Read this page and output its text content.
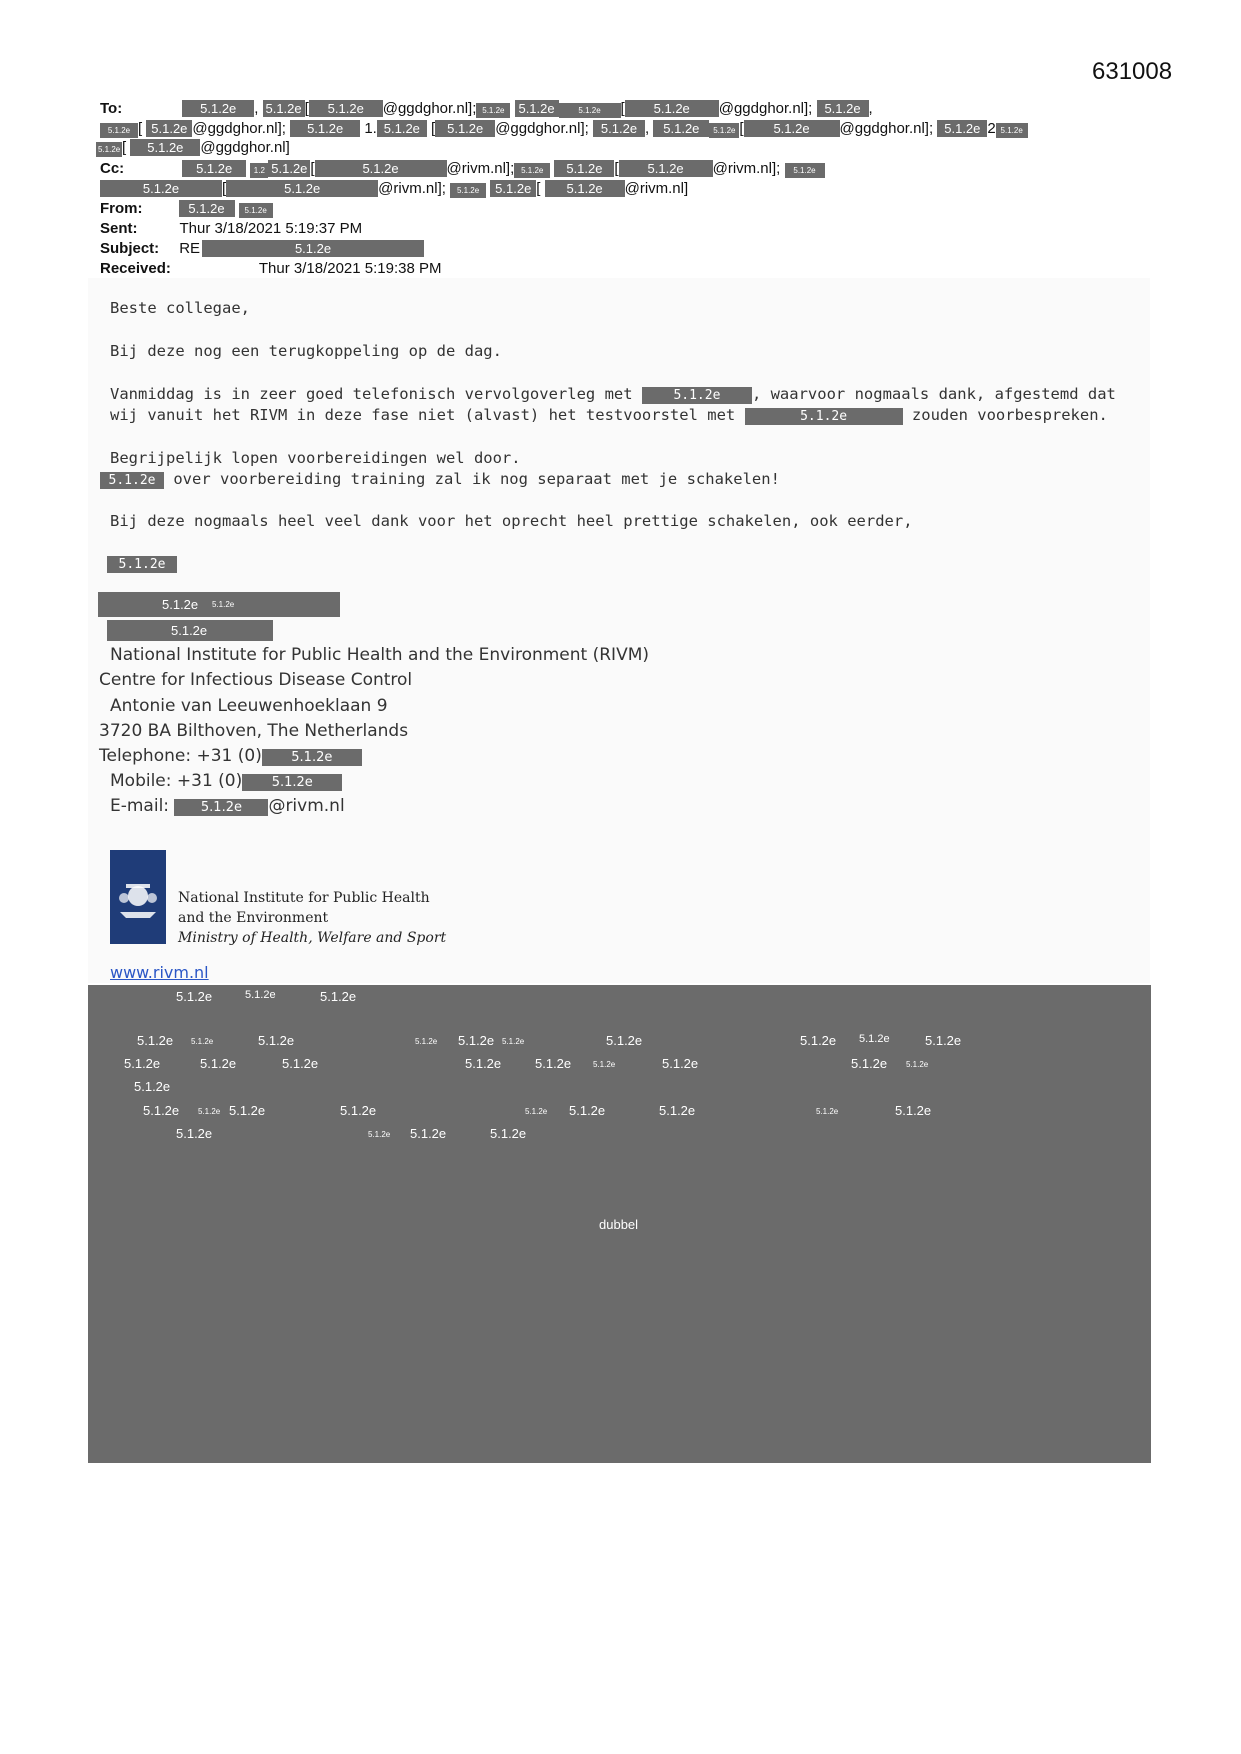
631008
To:	5.1.2e , 5.1.2e [ 5.1.2e @ggdghor.nl]; 5.1.2e 5.1.2e	5.1.2e [ 5.1.2e @ggdghor.nl]; 5.1.2e ,
5.1.2e [ 5.1.2e @ggdghor.nl]; 5.1.2e 1. 5.1.2e [ 5.1.2e @ggdghor.nl]; 5.1.2e , 5.1.2e 5.1.2e [ 5.1.2e @ggdghor.nl]; 5.1.2e 2 5.1.2e
5.1.2e [ 5.1.2e @ggdghor.nl]
Cc:	5.1.2e	1.2 5.1.2e [	5.1.2e	@rivm.nl]; 5.1.2e 5.1.2e [ 5.1.2e @rivm.nl]; 5.1.2e
5.1.2e	[	5.1.2e	@rivm.nl]; 5.1.2e 5.1.2e [ 5.1.2e @rivm.nl]
From:	5.1.2e 5.1.2e
Sent:	Thur 3/18/2021 5:19:37 PM
Subject: RE	5.1.2e
Received:	Thur 3/18/2021 5:19:38 PM
Beste collegae,
Bij deze nog een terugkoppeling op de dag.
Vanmiddag is in zeer goed telefonisch vervolgoverleg met	5.1.2e , waarvoor nogmaals dank, afgestemd dat
wij vanuit het RIVM in deze fase niet (alvast) het testvoorstel met	5.1.2e	zouden voorbespreken.
Begrijpelijk lopen voorbereidingen wel door.
5.1.2e over voorbereiding training zal ik nog separaat met je schakelen!
Bij deze nogmaals heel veel dank voor het oprecht heel prettige schakelen, ook eerder,
5.1.2e
5.1.2e 5.1.2e
5.1.2e
National Institute for Public Health and the Environment (RIVM)
Centre for Infectious Disease Control
Antonie van Leeuwenhoeklaan 9
3720 BA Bilthoven, The Netherlands
Telephone: +31 (0) 5.1.2e
Mobile: +31 (0) 5.1.2e
E-mail: 5.1.2e @rivm.nl
National Institute for Public Health
and the Environment
Ministry of Health, Welfare and Sport
www.rivm.nl
5.1.2e	5.1.2e	5.1.2e
5.1.2e 5.1.2e	5.1.2e	5.1.2e 5.1.2e 5.1.2e	5.1.2e	5.1.2e 5.1.2e	5.1.2e
5.1.2e	5.1.2e	5.1.2e	5.1.2e	5.1.2e	5.1.2e	5.1.2e	5.1.2e 5.1.2e
5.1.2e
5.1.2e 5.1.2e 5.1.2e	5.1.2e	5.1.2e 5.1.2e	5.1.2e	5.1.2e	5.1.2e
5.1.2e	5.1.2e 5.1.2e	5.1.2e
dubbel
